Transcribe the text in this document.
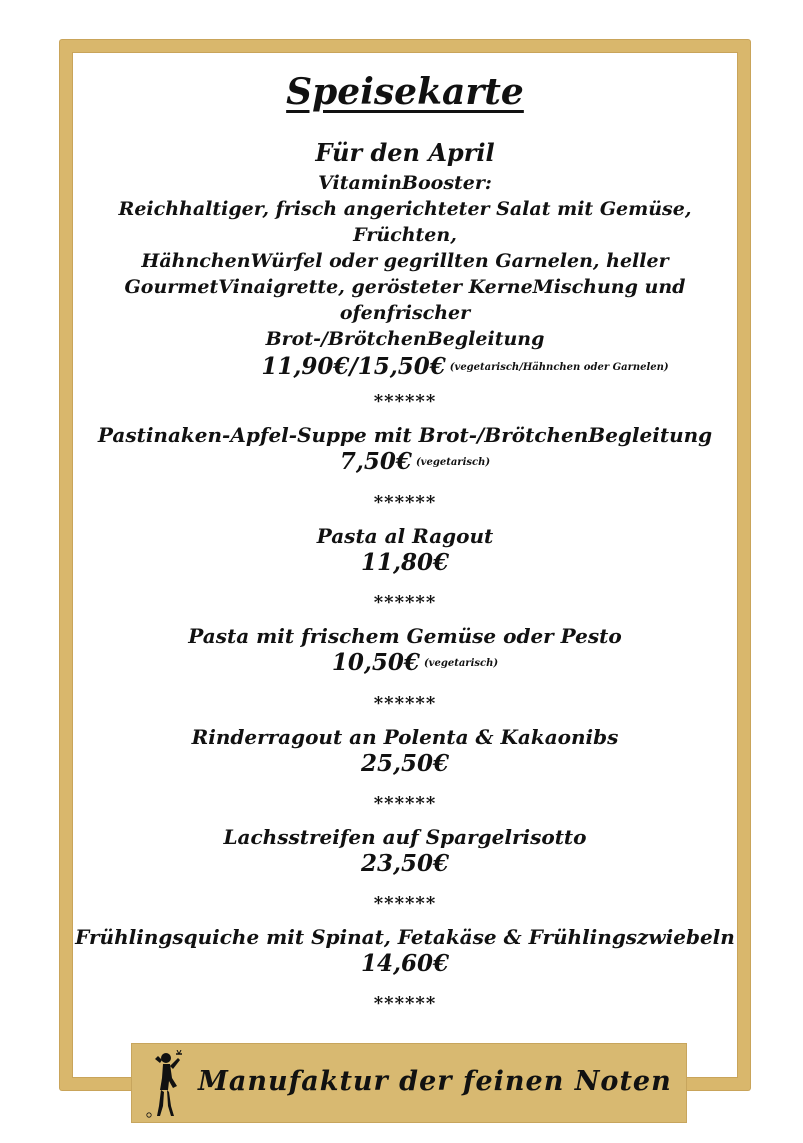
Speisekarte
Für den April
VitaminBooster:
Reichhaltiger, frisch angerichteter Salat mit Gemüse, Früchten,
HähnchenWürfel oder gegrillten Garnelen, heller
GourmetVinaigrette, gerösteter KerneMischung und ofenfrischer
Brot-/BrötchenBegleitung
11,90€/15,50€ (vegetarisch/Hähnchen oder Garnelen)
******
Pastinaken-Apfel-Suppe mit Brot-/BrötchenBegleitung
7,50€ (vegetarisch)
******
Pasta al Ragout
11,80€
******
Pasta mit frischem Gemüse oder Pesto
10,50€ (vegetarisch)
******
Rinderragout an Polenta & Kakaonibs
25,50€
******
Lachsstreifen auf Spargelrisotto
23,50€
******
Frühlingsquiche mit Spinat, Fetakäse & Frühlingszwiebeln
14,60€
******
Manufaktur der feinen Noten
